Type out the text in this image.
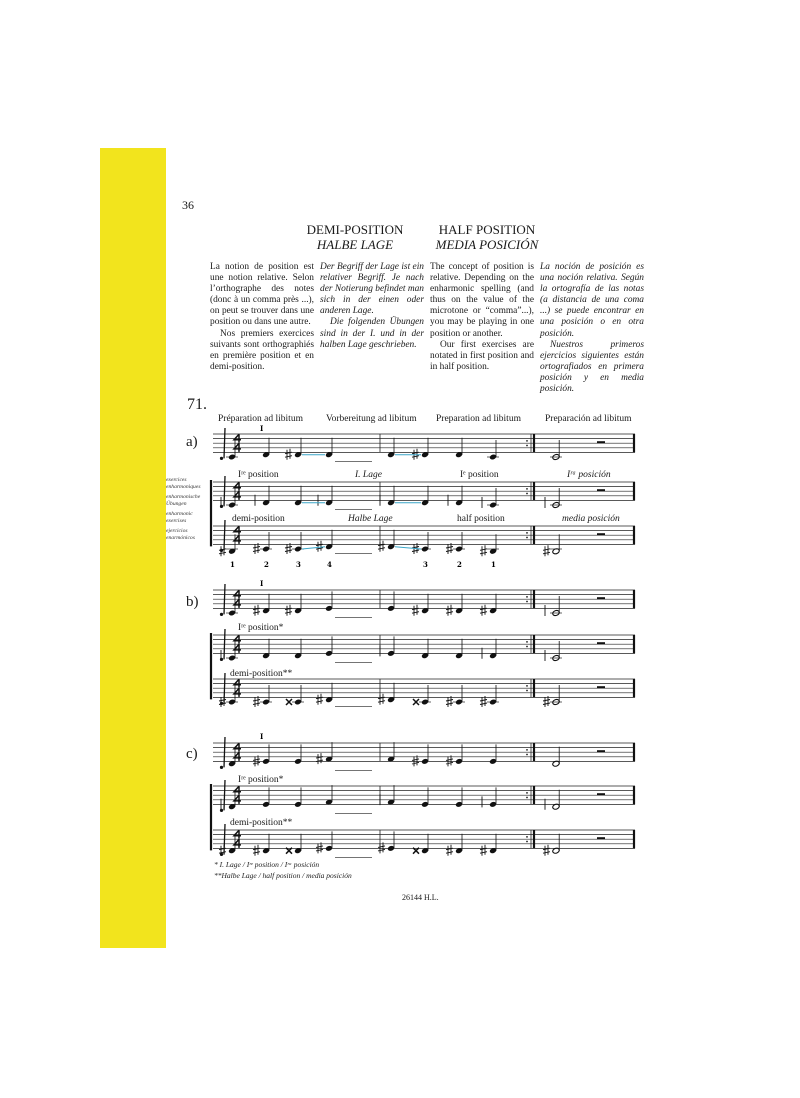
36
DEMI-POSITION
HALBE LAGE
HALF POSITION
MEDIA POSICIÓN

La notion de position est une notion relative. Selon l’orthographe des notes (donc à un comma près ...), on peut se trouver dans une position ou dans une autre.

Nos premiers exercices suivants sont orthographiés en première position et en demi-position.

Der Begriff der Lage ist ein relativer Begriff. Je nach der Notierung befindet man sich in der einen oder anderen Lage.

Die folgenden Übungen sind in der I. und in der halben Lage geschrieben.

The concept of position is relative. Depending on the enharmonic spelling (and thus on the value of the microtone or “comma”...), you may be playing in one position or another.

Our first exercises are notated in first position and in half position.

La noción de posición es una noción relativa. Según la ortografía de las notas (a distancia de una coma ...) se puede encontrar en una posición o en otra posición.

Nuestros primeros ejercicios siguientes están ortografiados en primera posición y en media posición.

71.
Préparation ad libitum Vorbereitung ad libitum Preparation ad libitum	Preparación ad libitum
a)
b)
c)
exercices enharmoniques
enharmonische Übungen
enharmonic exercises
ejercicios enarmónicos
Iʳᵉ position	I. Lage	Iᵉ position	Iʳᵃ posición
demi-position	Halbe Lage	half position	media posición
Iʳᵉ position*
demi-position**
Iʳᵉ position*
demi-position**
I
I
I
1	2	3	4	3	2	1
* I. Lage / Iʳᵉ position / Iʳᵃ posición
**Halbe Lage / half position / media posición
26144 H.L.
